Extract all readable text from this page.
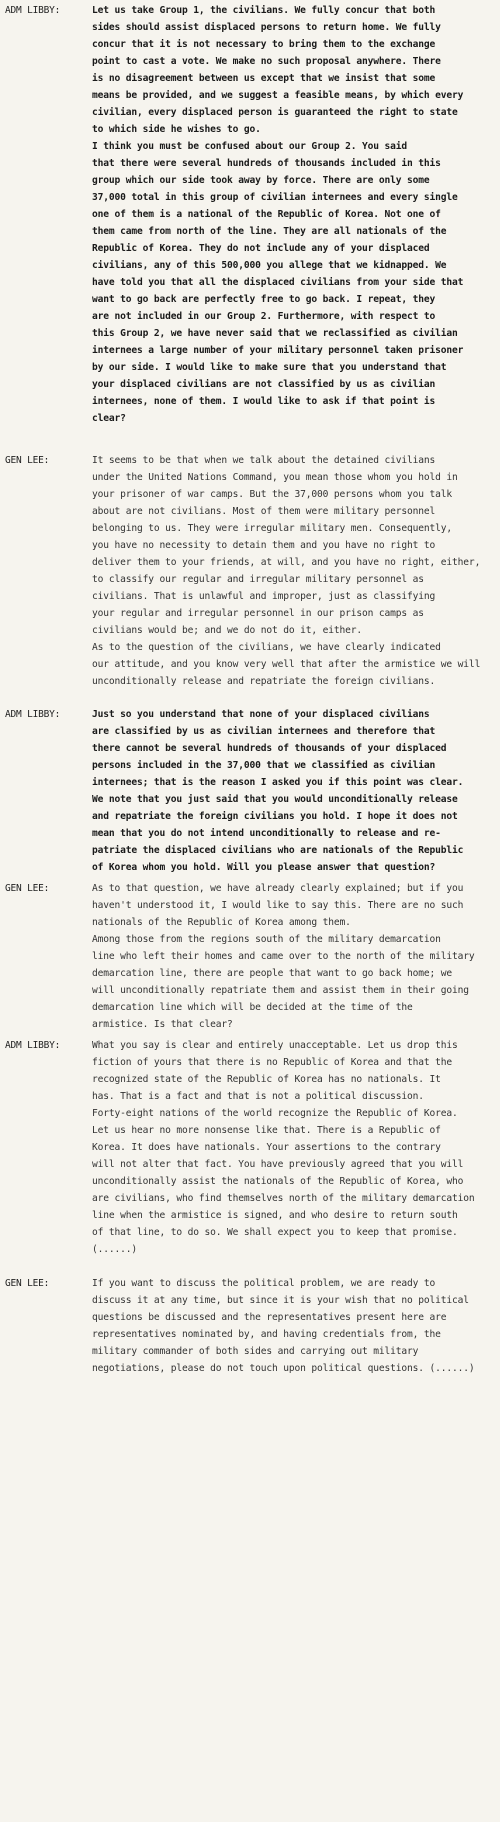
ADM LIBBY:	Let us take Group 1, the civilians. We fully concur that both
sides should assist displaced persons to return home. We fully
concur that it is not necessary to bring them to the exchange
point to cast a vote. We make no such proposal anywhere. There
is no disagreement between us except that we insist that some
means be provided, and we suggest a feasible means, by which every
civilian, every displaced person is guaranteed the right to state
to which side he wishes to go.
I think you must be confused about our Group 2. You said
that there were several hundreds of thousands included in this
group which our side took away by force. There are only some
37,000 total in this group of civilian internees and every single
one of them is a national of the Republic of Korea. Not one of
them came from north of the line. They are all nationals of the
Republic of Korea. They do not include any of your displaced
civilians, any of this 500,000 you allege that we kidnapped. We
have told you that all the displaced civilians from your side that
want to go back are perfectly free to go back. I repeat, they
are not included in our Group 2. Furthermore, with respect to
this Group 2, we have never said that we reclassified as civilian
internees a large number of your military personnel taken prisoner
by our side. I would like to make sure that you understand that
your displaced civilians are not classified by us as civilian
internees, none of them. I would like to ask if that point is
clear?
GEN LEE:	It seems to be that when we talk about the detained civilians
under the United Nations Command, you mean those whom you hold in
your prisoner of war camps. But the 37,000 persons whom you talk
about are not civilians. Most of them were military personnel
belonging to us. They were irregular military men. Consequently,
you have no necessity to detain them and you have no right to
deliver them to your friends, at will, and you have no right, either,
to classify our regular and irregular military personnel as
civilians. That is unlawful and improper, just as classifying
your regular and irregular personnel in our prison camps as
civilians would be; and we do not do it, either.
As to the question of the civilians, we have clearly indicated
our attitude, and you know very well that after the armistice we will
unconditionally release and repatriate the foreign civilians.
ADM LIBBY:	Just so you understand that none of your displaced civilians
are classified by us as civilian internees and therefore that
there cannot be several hundreds of thousands of your displaced
persons included in the 37,000 that we classified as civilian
internees; that is the reason I asked you if this point was clear.
We note that you just said that you would unconditionally release
and repatriate the foreign civilians you hold. I hope it does not
mean that you do not intend unconditionally to release and re-
patriate the displaced civilians who are nationals of the Republic
of Korea whom you hold. Will you please answer that question?
GEN LEE:	As to that question, we have already clearly explained; but if you
haven't understood it, I would like to say this. There are no such
nationals of the Republic of Korea among them.
Among those from the regions south of the military demarcation
line who left their homes and came over to the north of the military
demarcation line, there are people that want to go back home; we
will unconditionally repatriate them and assist them in their going
demarcation line which will be decided at the time of the
armistice. Is that clear?
ADM LIBBY:	What you say is clear and entirely unacceptable. Let us drop this
fiction of yours that there is no Republic of Korea and that the
recognized state of the Republic of Korea has no nationals. It
has. That is a fact and that is not a political discussion.
Forty-eight nations of the world recognize the Republic of Korea.
Let us hear no more nonsense like that. There is a Republic of
Korea. It does have nationals. Your assertions to the contrary
will not alter that fact. You have previously agreed that you will
unconditionally assist the nationals of the Republic of Korea, who
are civilians, who find themselves north of the military demarcation
line when the armistice is signed, and who desire to return south
of that line, to do so. We shall expect you to keep that promise.
(......)
GEN LEE:	If you want to discuss the political problem, we are ready to
discuss it at any time, but since it is your wish that no political
questions be discussed and the representatives present here are
representatives nominated by, and having credentials from, the
military commander of both sides and carrying out military
negotiations, please do not touch upon political questions. (......)
